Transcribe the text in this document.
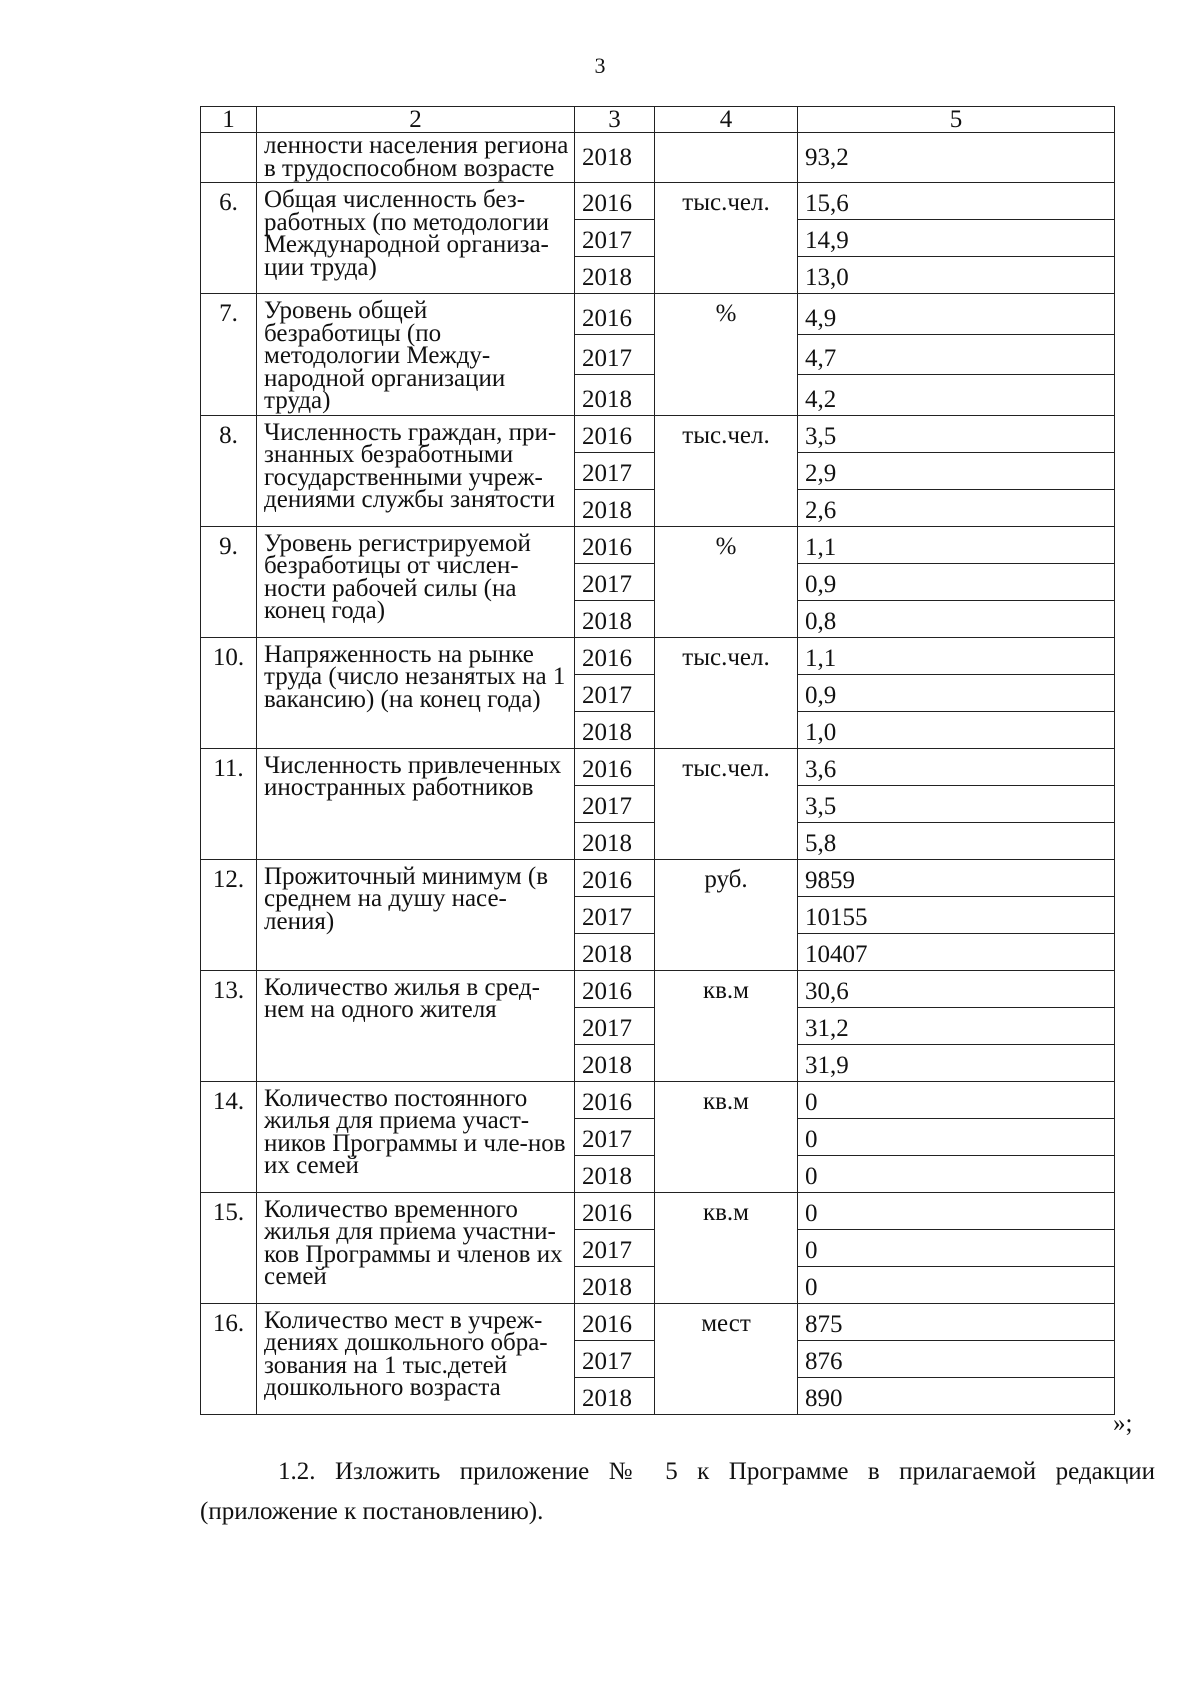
3
1	2	3	4	5
	ленности населения региона в трудоспособном возрасте	2018		93,2
6.	Общая численность без-работных (по методологии Международной организа-ции труда)	2016	тыс.чел.	15,6
		2017		14,9
		2018		13,0
7.	Уровень общей безработицы (по методологии Между-народной организации труда)	2016	%	4,9
		2017		4,7
		2018		4,2
8.	Численность граждан, при-знанных безработными государственными учреж-дениями службы занятости	2016	тыс.чел.	3,5
		2017		2,9
		2018		2,6
9.	Уровень регистрируемой безработицы от числен-ности рабочей силы (на конец года)	2016	%	1,1
		2017		0,9
		2018		0,8
10.	Напряженность на рынке труда (число незанятых на 1 вакансию) (на конец года)	2016	тыс.чел.	1,1
		2017		0,9
		2018		1,0
11.	Численность привлеченных иностранных работников	2016	тыс.чел.	3,6
		2017		3,5
		2018		5,8
12.	Прожиточный минимум (в среднем на душу насе-ления)	2016	руб.	9859
		2017		10155
		2018		10407
13.	Количество жилья в сред-нем на одного жителя	2016	кв.м	30,6
		2017		31,2
		2018		31,9
14.	Количество постоянного жилья для приема участ-ников Программы и чле-нов их семей	2016	кв.м	0
		2017		0
		2018		0
15.	Количество временного жилья для приема участни-ков Программы и членов их семей	2016	кв.м	0
		2017		0
		2018		0
16.	Количество мест в учреж-дениях дошкольного обра-зования на 1 тыс.детей дошкольного возраста	2016	мест	875
		2017		876
		2018		890
»;
1.2. Изложить приложение № 5 к Программе в прилагаемой редакции
(приложение к постановлению).
